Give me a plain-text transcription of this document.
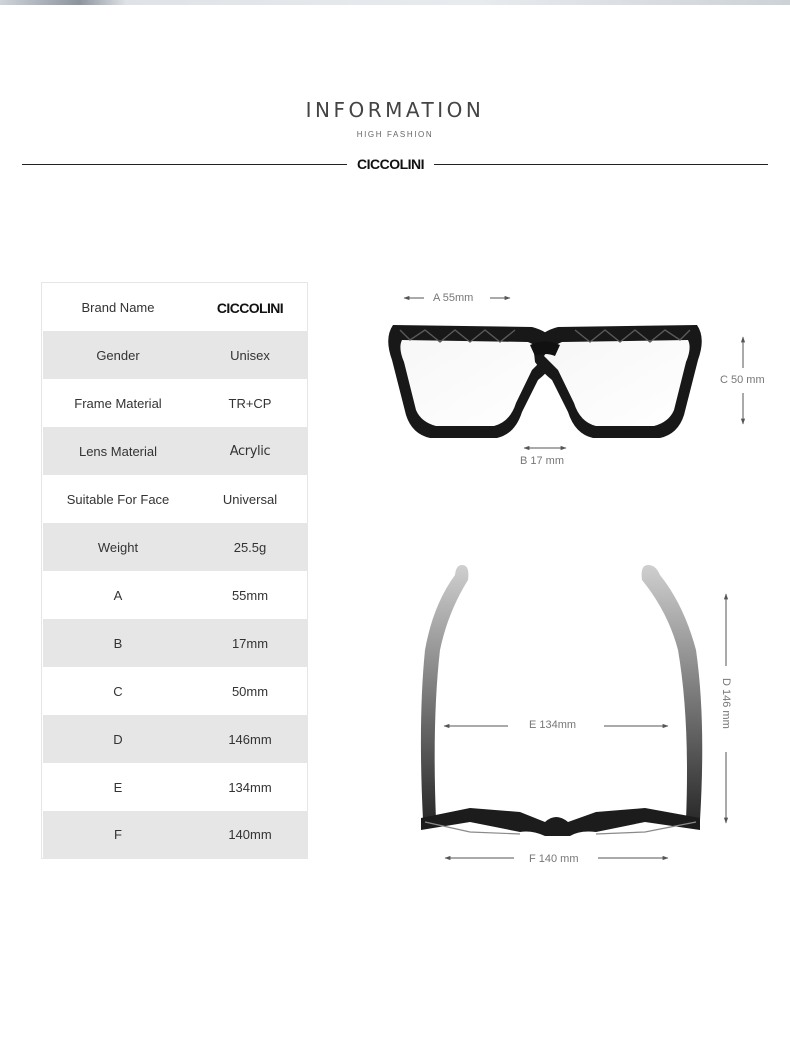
INFORMATION
HIGH FASHION
CICCOLINI
Brand Name	CICCOLINI
Gender	Unisex
Frame Material	TR+CP
Lens Material	Acrylic
Suitable For Face	Universal
Weight	25.5g
A	55mm
B	17mm
C	50mm
D	146mm
E	134mm
F	140mm
A 55mm
B 17 mm
C 50 mm
D 146 mm
E 134mm
F 140 mm
